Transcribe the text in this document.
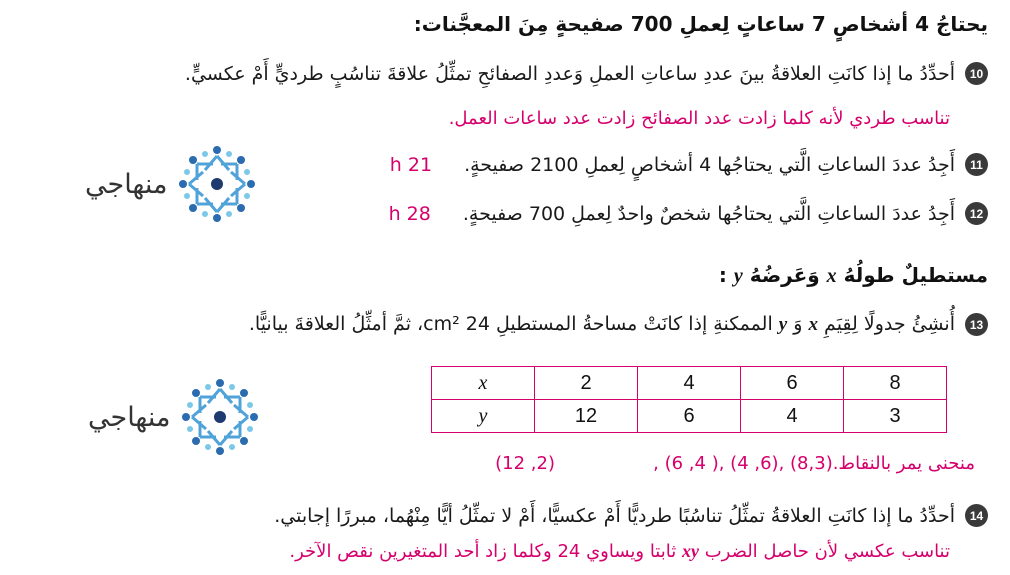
يحتاجُ 4 أشخاصٍ 7 ساعاتٍ لِعملِ 700 صفيحةٍ مِنَ المعجَّنات:
10
أحدِّدُ ما إذا كانَتِ العلاقةُ بينَ عددِ ساعاتِ العملِ وَعددِ الصفائحِ تمثِّلُ علاقةَ تناسُبٍ طرديٍّ أَمْ عكسيٍّ.
تناسب طردي لأنه كلما زادت عدد الصفائح زادت عدد ساعات العمل.
11
أَجِدُ عددَ الساعاتِ الَّتي يحتاجُها 4 أشخاصٍ لِعملِ 2100 صفيحةٍ.
21 h
12
أَجِدُ عددَ الساعاتِ الَّتي يحتاجُها شخصٌ واحدٌ لِعملِ 700 صفيحةٍ.
28 h
منهاجي
مستطيلٌ طولُهُ x وَعَرضُهُ y :
13
أُنشِئُ جدولًا لِقِيَمِ x وَ y الممكنةِ إذا كانَتْ مساحةُ المستطيلِ 24 cm²، ثمَّ أمثِّلُ العلاقةَ بيانيًّا.
منهاجي
x	2	4	6	8
y	12	6	4	3
منحنى يمر بالنقاط.(8,3) ,(6, 4) ,( 4, 6) ,
(2, 12)
14
أحدِّدُ ما إذا كانَتِ العلاقةُ تمثِّلُ تناسُبًا طرديًّا أَمْ عكسيًّا، أَمْ لا تمثِّلُ أيًّا مِنْهُما، مبررًا إجابتي.
تناسب عكسي لأن حاصل الضرب xy ثابتا ويساوي 24 وكلما زاد أحد المتغيرين نقص الآخر.
